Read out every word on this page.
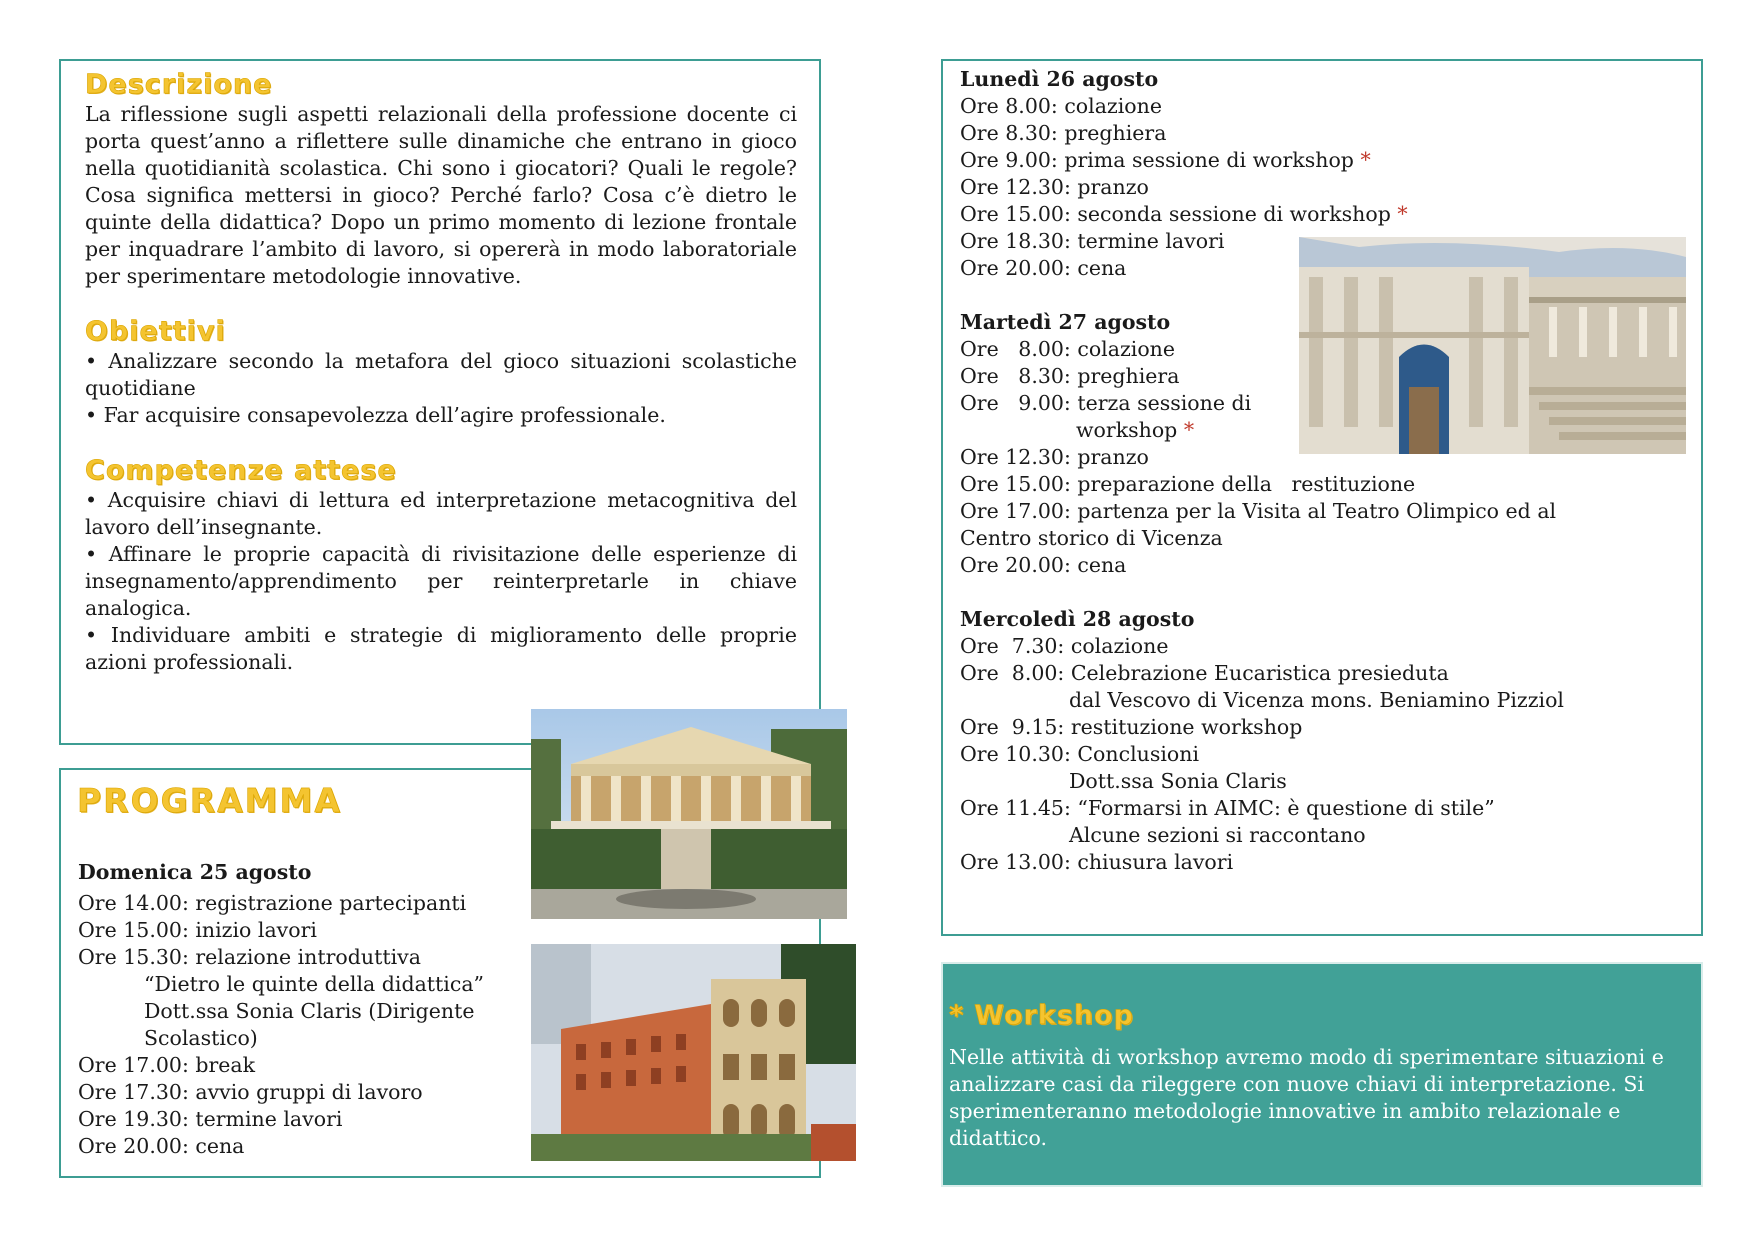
Descrizione

La riflessione sugli aspetti relazionali della professione docente ci porta quest’anno a riflettere sulle dinamiche che entrano in gioco nella quotidianità scolastica. Chi sono i giocatori? Quali le regole? Cosa significa mettersi in gioco? Perché farlo? Cosa c’è dietro le quinte della didattica? Dopo un primo momento di lezione frontale per inquadrare l’ambito di lavoro, si opererà in modo laboratoriale per sperimentare metodologie innovative.

Obiettivi

• Analizzare secondo la metafora del gioco situazioni scolastiche quotidiane

• Far acquisire consapevolezza dell’agire professionale.

Competenze attese

• Acquisire chiavi di lettura ed interpretazione metacognitiva del lavoro dell’insegnante.

• Affinare le proprie capacità di rivisitazione delle esperienze di insegnamento/apprendimento per reinterpretarle in chiave analogica.

• Individuare ambiti e strategie di miglioramento delle proprie azioni professionali.

PROGRAMMA
Domenica 25 agosto
Ore 14.00: registrazione partecipanti
Ore 15.00: inizio lavori
Ore 15.30: relazione introduttiva
“Dietro le quinte della didattica”
Dott.ssa Sonia Claris (Dirigente
Scolastico)
Ore 17.00: break
Ore 17.30: avvio gruppi di lavoro
Ore 19.30: termine lavori
Ore 20.00: cena
Lunedì 26 agosto
Ore 8.00: colazione
Ore 8.30: preghiera
Ore 9.00: prima sessione di workshop *
Ore 12.30: pranzo
Ore 15.00: seconda sessione di workshop *
Ore 18.30: termine lavori
Ore 20.00: cena
Martedì 27 agosto
Ore   8.00: colazione
Ore   8.30: preghiera
Ore   9.00: terza sessione di
workshop *
Ore 12.30: pranzo
Ore 15.00: preparazione della   restituzione
Ore 17.00: partenza per la Visita al Teatro Olimpico ed al
Centro storico di Vicenza
Ore 20.00: cena
Mercoledì 28 agosto
Ore  7.30: colazione
Ore  8.00: Celebrazione Eucaristica presieduta
dal Vescovo di Vicenza mons. Beniamino Pizziol
Ore  9.15: restituzione workshop
Ore 10.30: Conclusioni
Dott.ssa Sonia Claris
Ore 11.45: “Formarsi in AIMC: è questione di stile”
Alcune sezioni si raccontano
Ore 13.00: chiusura lavori
* Workshop

Nelle attività di workshop avremo modo di sperimentare situazioni e analizzare casi da rileggere con nuove chiavi di interpretazione. Si sperimenteranno metodologie innovative in ambito relazionale e didattico.
